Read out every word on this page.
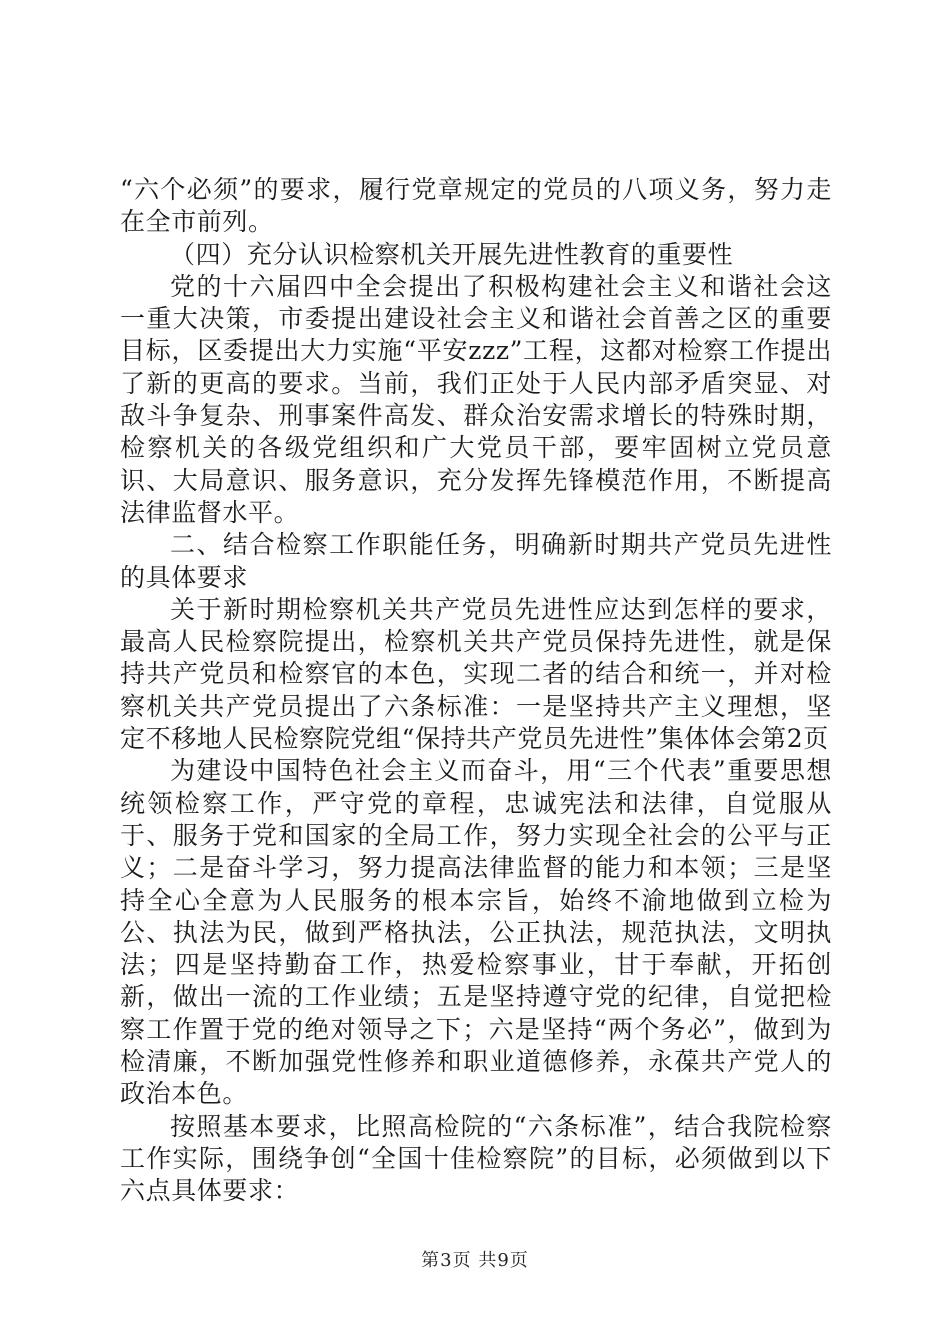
“六个必须”的要求，履行党章规定的党员的八项义务，努力走在全市前列。

（四）充分认识检察机关开展先进性教育的重要性

党的十六届四中全会提出了积极构建社会主义和谐社会这一重大决策，市委提出建设社会主义和谐社会首善之区的重要目标，区委提出大力实施“平安zzz”工程，这都对检察工作提出了新的更高的要求。当前，我们正处于人民内部矛盾突显、对敌斗争复杂、刑事案件高发、群众治安需求增长的特殊时期，检察机关的各级党组织和广大党员干部，要牢固树立党员意识、大局意识、服务意识，充分发挥先锋模范作用，不断提高法律监督水平。

二、结合检察工作职能任务，明确新时期共产党员先进性的具体要求

关于新时期检察机关共产党员先进性应达到怎样的要求，最高人民检察院提出，检察机关共产党员保持先进性，就是保持共产党员和检察官的本色，实现二者的结合和统一，并对检察机关共产党员提出了六条标准：一是坚持共产主义理想，坚定不移地人民检察院党组“保持共产党员先进性”集体体会第2页

为建设中国特色社会主义而奋斗，用“三个代表”重要思想统领检察工作，严守党的章程，忠诚宪法和法律，自觉服从于、服务于党和国家的全局工作，努力实现全社会的公平与正义；二是奋斗学习，努力提高法律监督的能力和本领；三是坚持全心全意为人民服务的根本宗旨，始终不渝地做到立检为公、执法为民，做到严格执法，公正执法，规范执法，文明执法；四是坚持勤奋工作，热爱检察事业，甘于奉献，开拓创新，做出一流的工作业绩；五是坚持遵守党的纪律，自觉把检察工作置于党的绝对领导之下；六是坚持“两个务必”，做到为检清廉，不断加强党性修养和职业道德修养，永葆共产党人的政治本色。

按照基本要求，比照高检院的“六条标准”，结合我院检察工作实际，围绕争创“全国十佳检察院”的目标，必须做到以下六点具体要求：

第3页 共9页
